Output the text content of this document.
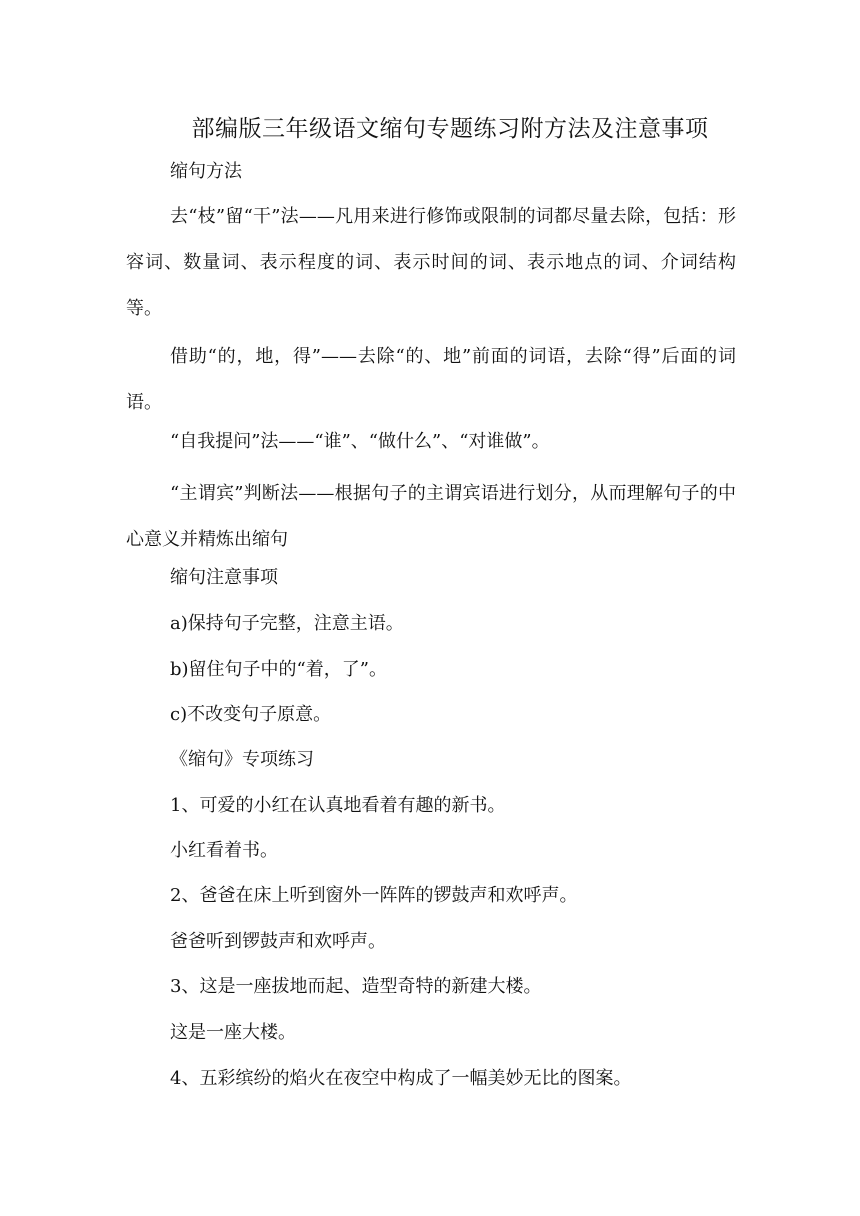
部编版三年级语文缩句专题练习附方法及注意事项
缩句方法
去“枝”留“干”法——凡用来进行修饰或限制的词都尽量去除，包括：形容词、数量词、表示程度的词、表示时间的词、表示地点的词、介词结构等。
借助“的，地，得”——去除“的、地”前面的词语，去除“得”后面的词语。
“自我提问”法——“谁”、“做什么”、“对谁做”。
“主谓宾”判断法——根据句子的主谓宾语进行划分，从而理解句子的中心意义并精炼出缩句
缩句注意事项
a)保持句子完整，注意主语。
b)留住句子中的“着，了”。
c)不改变句子原意。
《缩句》专项练习
1、可爱的小红在认真地看着有趣的新书。
小红看着书。
2、爸爸在床上听到窗外一阵阵的锣鼓声和欢呼声。
爸爸听到锣鼓声和欢呼声。
3、这是一座拔地而起、造型奇特的新建大楼。
这是一座大楼。
4、五彩缤纷的焰火在夜空中构成了一幅美妙无比的图案。
